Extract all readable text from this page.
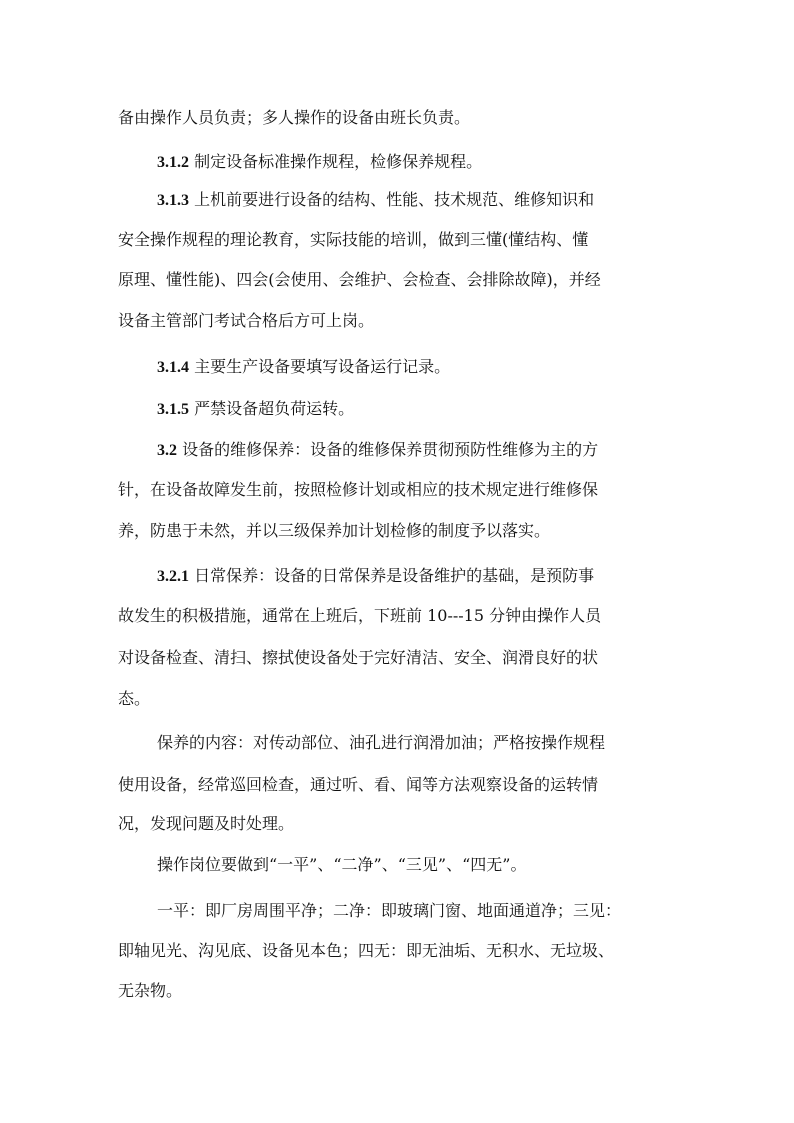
备由操作人员负责；多人操作的设备由班长负责。
3.1.2 制定设备标准操作规程，检修保养规程。
3.1.3 上机前要进行设备的结构、性能、技术规范、维修知识和
安全操作规程的理论教育，实际技能的培训，做到三懂(懂结构、懂
原理、懂性能)、四会(会使用、会维护、会检查、会排除故障)，并经
设备主管部门考试合格后方可上岗。
3.1.4 主要生产设备要填写设备运行记录。
3.1.5 严禁设备超负荷运转。
3.2 设备的维修保养：设备的维修保养贯彻预防性维修为主的方
针，在设备故障发生前，按照检修计划或相应的技术规定进行维修保
养，防患于未然，并以三级保养加计划检修的制度予以落实。
3.2.1 日常保养：设备的日常保养是设备维护的基础，是预防事
故发生的积极措施，通常在上班后，下班前 10---15 分钟由操作人员
对设备检查、清扫、擦拭使设备处于完好清洁、安全、润滑良好的状
态。
保养的内容：对传动部位、油孔进行润滑加油；严格按操作规程
使用设备，经常巡回检查，通过听、看、闻等方法观察设备的运转情
况，发现问题及时处理。
操作岗位要做到“一平”、“二净”、“三见”、“四无”。
一平：即厂房周围平净；二净：即玻璃门窗、地面通道净；三见：
即轴见光、沟见底、设备见本色；四无：即无油垢、无积水、无垃圾、
无杂物。
